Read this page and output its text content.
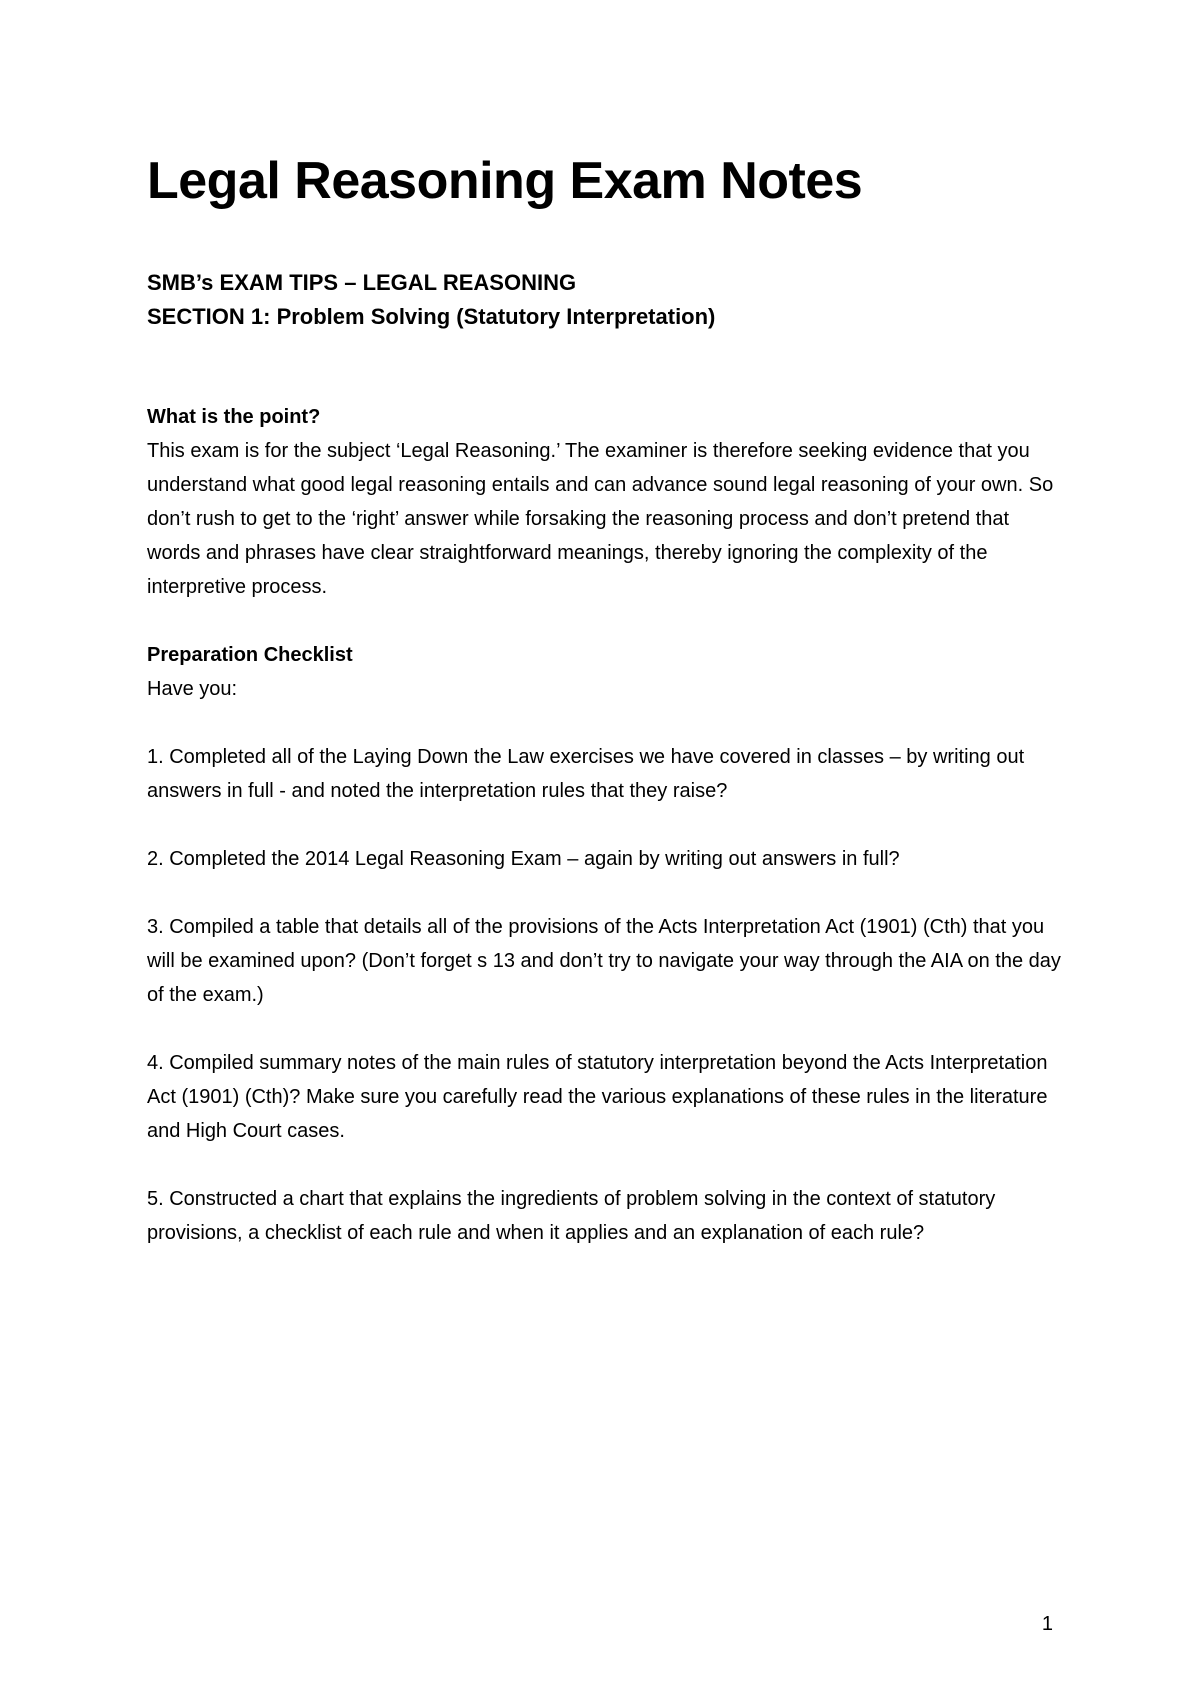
Legal Reasoning Exam Notes

SMB’s EXAM TIPS – LEGAL REASONING

SECTION 1: Problem Solving (Statutory Interpretation)

What is the point?

This exam is for the subject ‘Legal Reasoning.’ The examiner is therefore seeking evidence that you understand what good legal reasoning entails and can advance sound legal reasoning of your own. So don’t rush to get to the ‘right’ answer while forsaking the reasoning process and don’t pretend that words and phrases have clear straightforward meanings, thereby ignoring the complexity of the interpretive process.

Preparation Checklist

Have you:

1. Completed all of the Laying Down the Law exercises we have covered in classes – by writing out answers in full - and noted the interpretation rules that they raise?

2. Completed the 2014 Legal Reasoning Exam – again by writing out answers in full?

3. Compiled a table that details all of the provisions of the Acts Interpretation Act (1901) (Cth) that you will be examined upon? (Don’t forget s 13 and don’t try to navigate your way through the AIA on the day of the exam.)

4. Compiled summary notes of the main rules of statutory interpretation beyond the Acts Interpretation Act (1901) (Cth)? Make sure you carefully read the various explanations of these rules in the literature and High Court cases.

5. Constructed a chart that explains the ingredients of problem solving in the context of statutory provisions, a checklist of each rule and when it applies and an explanation of each rule?

1
